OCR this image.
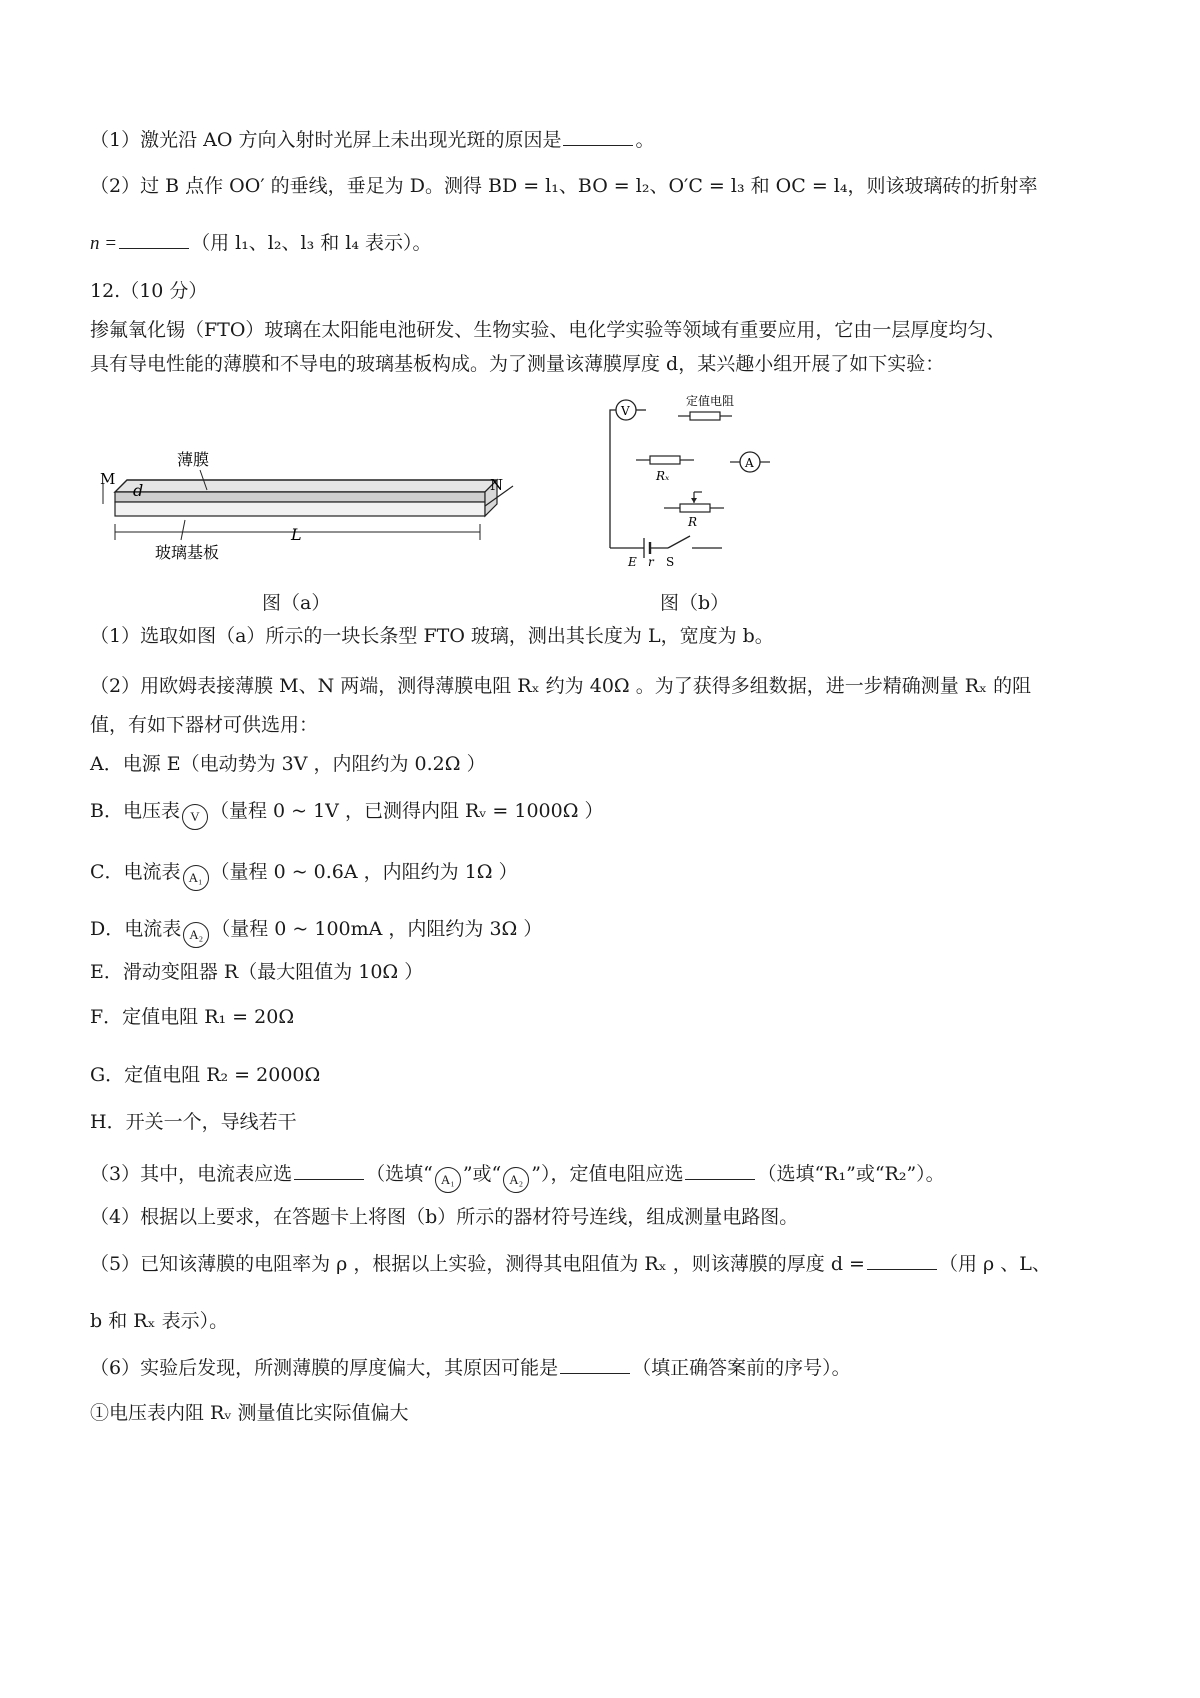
（1）激光沿 AO 方向入射时光屏上未出现光斑的原因是	。
（2）过 B 点作 OO′ 的垂线，垂足为 D。测得 BD = l₁、BO = l₂、O′C = l₃ 和 OC = l₄，则该玻璃砖的折射率
n =	（用 l₁、l₂、l₃ 和 l₄ 表示）。
12.（10 分）
掺氟氧化锡（FTO）玻璃在太阳能电池研发、生物实验、电化学实验等领域有重要应用，它由一层厚度均匀、
具有导电性能的薄膜和不导电的玻璃基板构成。为了测量该薄膜厚度 d，某兴趣小组开展了如下实验：
d
M	N
薄膜
L
玻璃基板
图（a）
V
定值电阻
Rₓ
A
R
E r S
图（b）
（1）选取如图（a）所示的一块长条型 FTO 玻璃，测出其长度为 L，宽度为 b。
（2）用欧姆表接薄膜 M、N 两端，测得薄膜电阻 Rₓ 约为 40Ω 。为了获得多组数据，进一步精确测量 Rₓ 的阻
值，有如下器材可供选用：
A．电源 E（电动势为 3V ，内阻约为 0.2Ω ）
B．电压表 V （量程 0 ~ 1V ，已测得内阻 Rᵥ = 1000Ω ）
C．电流表 A₁ （量程 0 ~ 0.6A ，内阻约为 1Ω ）
D．电流表 A₂ （量程 0 ~ 100mA ，内阻约为 3Ω ）
E．滑动变阻器 R（最大阻值为 10Ω ）
F．定值电阻 R₁ = 20Ω
G．定值电阻 R₂ = 2000Ω
H．开关一个，导线若干
（3）其中，电流表应选	（选填“ A₁ ”或“ A₂ ”），定值电阻应选	（选填“R₁”或“R₂”）。
（4）根据以上要求，在答题卡上将图（b）所示的器材符号连线，组成测量电路图。
（5）已知该薄膜的电阻率为 ρ ，根据以上实验，测得其电阻值为 Rₓ ，则该薄膜的厚度 d =	（用 ρ 、L、
b 和 Rₓ 表示）。
（6）实验后发现，所测薄膜的厚度偏大，其原因可能是	（填正确答案前的序号）。
①电压表内阻 Rᵥ 测量值比实际值偏大
